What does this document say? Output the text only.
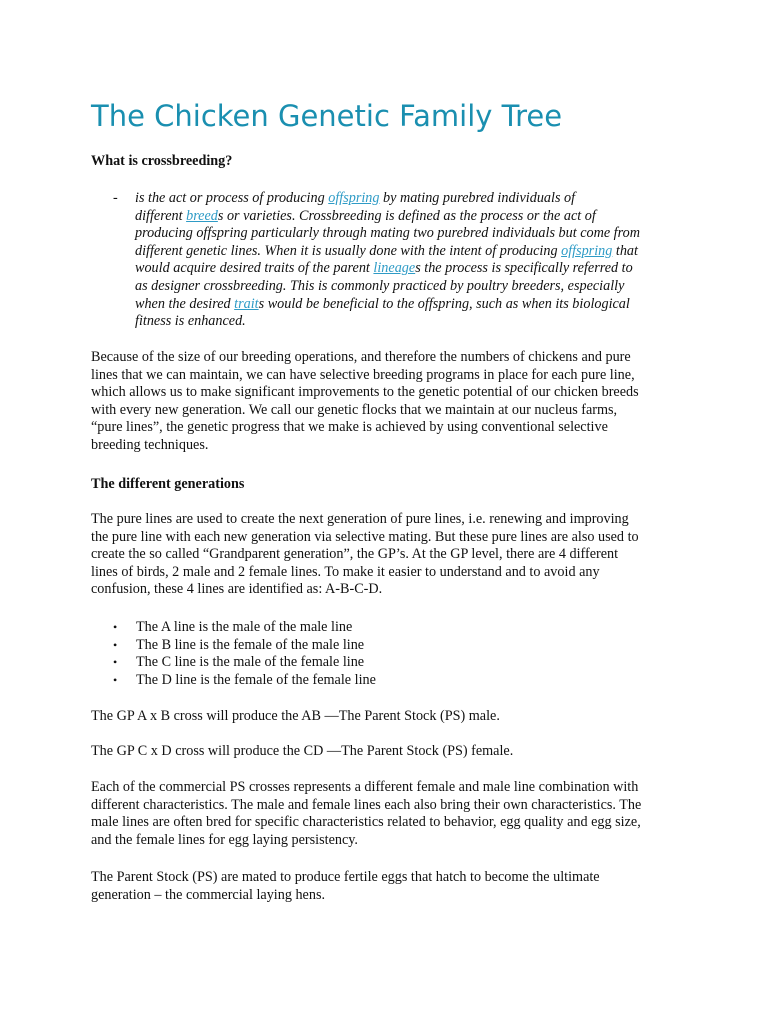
The Chicken Genetic Family Tree

What is crossbreeding?

- is the act or process of producing offspring by mating purebred individuals of
different breeds or varieties. Crossbreeding is defined as the process or the act of
producing offspring particularly through mating two purebred individuals but come from
different genetic lines. When it is usually done with the intent of producing offspring that
would acquire desired traits of the parent lineages the process is specifically referred to
as designer crossbreeding. This is commonly practiced by poultry breeders, especially
when the desired traits would be beneficial to the offspring, such as when its biological
fitness is enhanced.

Because of the size of our breeding operations, and therefore the numbers of chickens and pure
lines that we can maintain, we can have selective breeding programs in place for each pure line,
which allows us to make significant improvements to the genetic potential of our chicken breeds
with every new generation. We call our genetic flocks that we maintain at our nucleus farms,
“pure lines”, the genetic progress that we make is achieved by using conventional selective
breeding techniques.

The different generations

The pure lines are used to create the next generation of pure lines, i.e. renewing and improving
the pure line with each new generation via selective mating. But these pure lines are also used to
create the so called “Grandparent generation”, the GP’s. At the GP level, there are 4 different
lines of birds, 2 male and 2 female lines. To make it easier to understand and to avoid any
confusion, these 4 lines are identified as: A-B-C-D.

• The A line is the male of the male line
• The B line is the female of the male line
• The C line is the male of the female line
• The D line is the female of the female line

The GP A x B cross will produce the AB —The Parent Stock (PS) male.

The GP C x D cross will produce the CD —The Parent Stock (PS) female.

Each of the commercial PS crosses represents a different female and male line combination with
different characteristics. The male and female lines each also bring their own characteristics. The
male lines are often bred for specific characteristics related to behavior, egg quality and egg size,
and the female lines for egg laying persistency.

The Parent Stock (PS) are mated to produce fertile eggs that hatch to become the ultimate
generation – the commercial laying hens.
